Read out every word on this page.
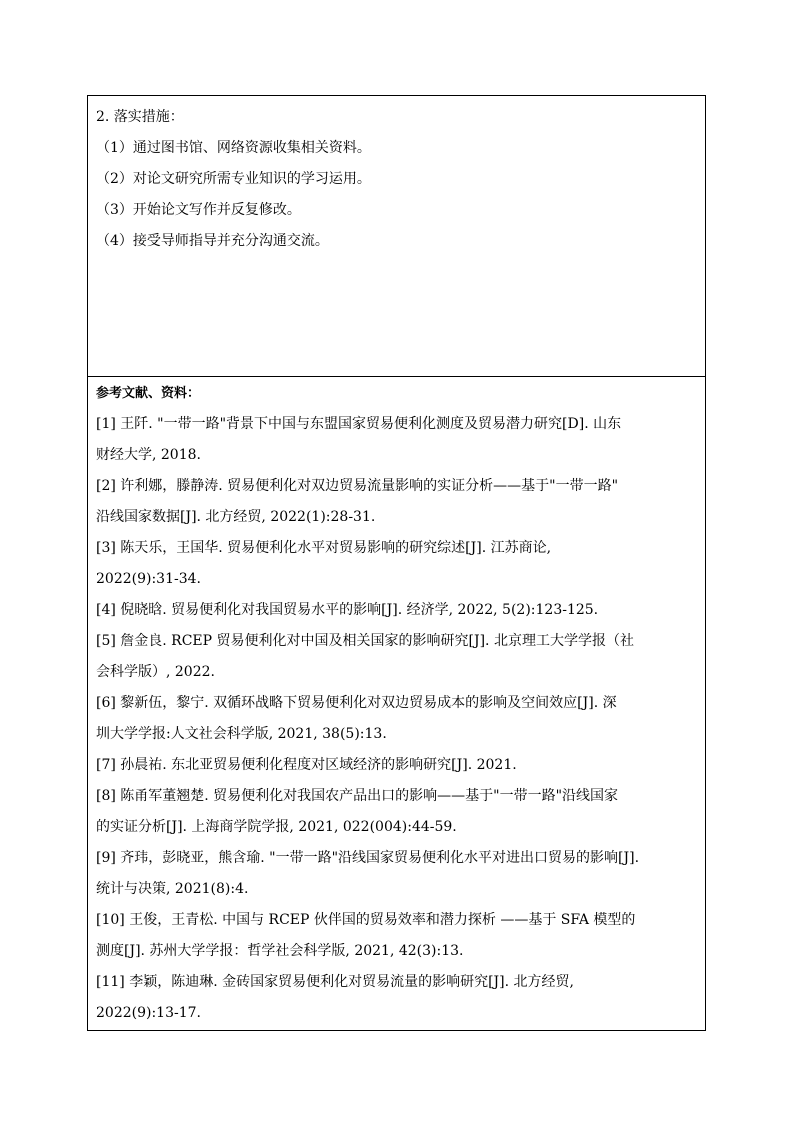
2. 落实措施：
（1）通过图书馆、网络资源收集相关资料。
（2）对论文研究所需专业知识的学习运用。
（3）开始论文写作并反复修改。
（4）接受导师指导并充分沟通交流。
参考文献、资料：
[1] 王阡. "一带一路"背景下中国与东盟国家贸易便利化测度及贸易潜力研究[D]. 山东
财经大学, 2018.
[2] 许利娜，滕静涛. 贸易便利化对双边贸易流量影响的实证分析——基于"一带一路"
沿线国家数据[J]. 北方经贸, 2022(1):28-31.
[3] 陈天乐，王国华. 贸易便利化水平对贸易影响的研究综述[J]. 江苏商论,
2022(9):31-34.
[4] 倪晓晗. 贸易便利化对我国贸易水平的影响[J]. 经济学, 2022, 5(2):123-125.
[5] 詹金良. RCEP 贸易便利化对中国及相关国家的影响研究[J]. 北京理工大学学报（社
会科学版）, 2022.
[6] 黎新伍，黎宁. 双循环战略下贸易便利化对双边贸易成本的影响及空间效应[J]. 深
圳大学学报:人文社会科学版, 2021, 38(5):13.
[7] 孙晨祐. 东北亚贸易便利化程度对区域经济的影响研究[J]. 2021.
[8] 陈甬军董翘楚. 贸易便利化对我国农产品出口的影响——基于"一带一路"沿线国家
的实证分析[J]. 上海商学院学报, 2021, 022(004):44-59.
[9] 齐玮，彭晓亚，熊含瑜. "一带一路"沿线国家贸易便利化水平对进出口贸易的影响[J].
统计与决策, 2021(8):4.
[10] 王俊，王青松. 中国与 RCEP 伙伴国的贸易效率和潜力探析 ——基于 SFA 模型的
测度[J]. 苏州大学学报：哲学社会科学版, 2021, 42(3):13.
[11] 李颖，陈迪琳. 金砖国家贸易便利化对贸易流量的影响研究[J]. 北方经贸,
2022(9):13-17.
